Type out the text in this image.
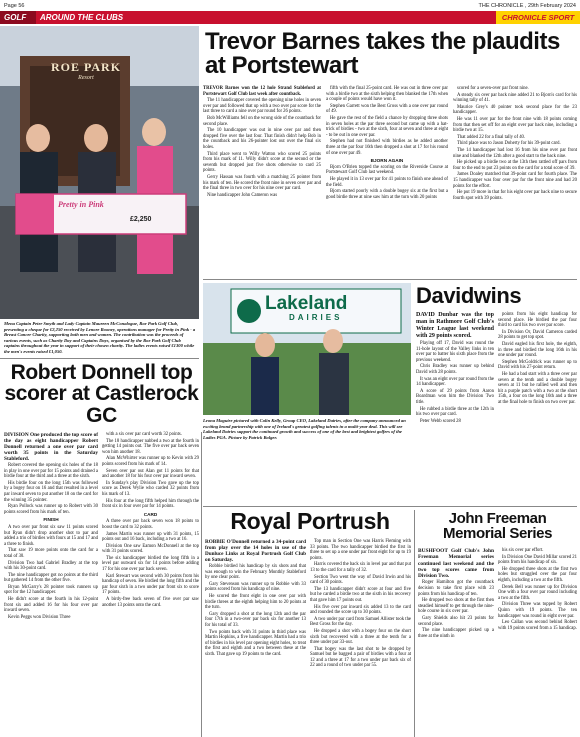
Page 56	THE CHRONICLE , 29th February 2024
GOLF	AROUND THE CLUBS	CHRONICLE SPORT
ROE PARK
Resort
Pretty in Pink
£2,250
Mena Captain Peter Smyth and Lady Captain Maureen McConalogue, Roe Park Golf Club, presenting a cheque for £2,250 received by Lenore Rooney, operations manager for Pretty in Pink - a Breast Cancer Charity, supporting both men and women. The contribution was the proceeds of various events, such as Charity Day and Captains Days, organised by the Roe Park Golf Club captains throughout the year in support of their chosen charity. The ladies events raised £1300 while the men's events raised £1,050.
Trevor Barnes takes the plaudits at Portstewart

TREVOR Barnes won the 12 hole Strand Stableford at Portstewart Golf Club last week after countback.

The 11 handicapper covered the opening nine holes in seven over par and followed that up with a two over par score for the last three to card a nine over par round for 26 points.

Bob McWilliams fell on the wrong side of the countback for second place.

The 10 handicapper was out in nine over par and then dropped five over the last four. That finish didn't help Bob in the countback and his 26-pointer lost out over the final six holes.

Third place went to Willy Watton who scored 25 points from his mark of 11. Willy didn't score at the second or the seventh but dropped just five shots otherwise to card 25 points.

Gerry Hassan was fourth with a matching 25 pointer from his mark of ten. He scored the front nine in seven over par and the final three in two over for his nine over par card.

Nine handicapper John Cameron was

fifth with the final 25-point card. He was out in three over par with a birdie two at the sixth helping then blanked the 17th when a couple of points would have won it.

Stephen Garrett won the Best Gross with a one over par round of 49.

He gave the rest of the field a chance by dropping three shots in seven holes at the par three second but came up with a hat-trick of birdies - two at the sixth, four at seven and three at eight - to be out in one over par.

Stephen had not finished with birdies as he added another three at the par four 16th then dropped a shot at 17 for his round of one over par 49.

BJORN AGAIN

Bjorn O'Brien topped the scoring on the Riverside Course at Portstewart Golf Club last weekend.

He played it in 13 over par for 41 points to finish one ahead of the field.

Bjorn started poorly with a double bogey six at the first but a good birdie three at nine saw him at the turn with 20 points

scored for a seven-over par front nine.

A steady six over par back nine added 21 to Bjorn's card for his winning tally of 41.

Maurice Grey's 40 pointer took second place for the 23 handicapper.

He was 11 over par for the front nine with 18 points coming from that then set off for an eight over par back nine, including a birdie two at 15.

That added 22 for a final tally of 40.

Third place was to Jason Doherty for his 39-point card.

The 14 handicapper had lost 16 from his nine over par front nine and blanked the 12th after a good start to the back nine.

He picked up a birdie two at the 13th then rattled off pars from four to the end to put 23 points on the card for a total score of 39.

James Doaley matched that 39-point card for fourth place. The 15 handicapper was four over par for the front nine and had 20 points for the effort.

He put 19 more in that for his eight over par back nine to secure fourth spot with 39 points.

Lakeland
DAIRIES
Leona Maguire pictured with Colin Kelly, Group CEO, Lakeland Dairies, after the company announced an exciting brand partnership with one of Ireland's greatest golfing talents in a multi-year deal. This will see Lakeland Dairies support the continued growth and success of one of the best and brightest golfers of the Ladies PGA. Picture by Patrick Bolger.
Davidwins

DAVID Dunbar was the top man in Rathmore Golf Club's Winter League last weekend with 29 points scored.

Playing off 17, David was round the 11-hole layout of the Valley links in ten over par to batter his sixth place from the previous weekend.

Chris Bradley was runner up behind David with 28 points.

It was an eight over par round from the 14 handicapper.

A score of 29 points from Aaron Boardman won him the Division Two title.

He rubbed a birdie three at the 12th in his two over par card.

Peter Webb scored 28

points from his eight handicap for second place. He birdied the par four third to card his two over par score.

In Division Or, David Cameron carded 28 points to get top spot.

David eagled his first hole, the eighth, in three and birdied the long 16th in his one under par round.

Stephen McGoldrick was runner up to David with his 27-point return.

He had a bad start with a three over par seven at the tenth and a double bogey seven at 11 but he rallied well and then hit a purple patch with a two at the short 15th, a four on the long 16th and a three at the final hole to finish on two over par.

Robert Donnell top scorer at Castlerock GC

DIVISION One produced the top score of the day as eight handicapper Robert Donnell returned a one over par card worth 35 points in the Saturday Stableford.

Robert covered the opening six holes of the 18 in play in one over par for 15 points and drained a birdie four at the third and a three at the sixth.

His birdie four on the long 15th was followed by a bogey four on 16 and that resulted in a level par inward seven to put another 18 on the card for the winning 35 pointer.

Ryan Pollock was runner up to Robert with 30 points scored from his mark of ten.

FINISH

A two over par front six saw 11 points scored but Ryan didn't drop another shot to par and added a trio of birdies with fours at 15 and 17 and a three to finish.

That saw 19 more points onto the card for a total of 30.

Division Two had Gabriel Bradley at the top with his 30-point card.

The nine handicapper got no points at the third but gathered 14 from the other five.

Bryan McGarry's 28 pointer took runners up spot for the 12 handicapper.

He didn't score at the fourth in his 12-point front six and added 16 for his four over par inward seven.

Kevin Peggs won Division Three

with a six over par card worth 32 points.

The 18 handicapper nabbed a two at the fourth in getting 14 points out. The five over par back seven won him another 18.

Alan McWhirter was runner up to Kevin with 29 points scored from his mark of 14.

Seven over par out Alan got 11 points for that and another 18 for his four over par inward seven.

In Sunday's play Division Two gave up the top score as Derek Wylie who carded 32 points from his mark of 13.

His four at the long fifth helped him through the front six in four over par for 14 points.

CARD

A three over par back seven won 18 points to boost the card to 32 points.

James Martin was runner up with 31 points, 15 points out and 16 back, including a two at 16.

Division One saw Eamon McDonnell at the top with 31 points scored.

The six handicapper birdied the long fifth in a level par outward six for 14 points before adding 17 for his one over par back seven.

Karl Stewart was second with 30 points from his handicap of seven. He birdied the long fifth and the par four sixth in a two under par front six to score 17 points.

A birdy-free back seven of five over par saw another 13 points onto the card.

Royal Portrush

ROBBIE O'Donnell returned a 34-point card from play over the 14 holes in use of the Dunluce Links at Royal Portrush Golf Club on Saturday.

Robbie birdied his handicap by six shots and that was enough to win the February Monthly Stableford by one clear point.

Gary Stevenson was runner up to Robbie with 33 points scored from his handicap of nine.

He scored the front eight in one over par with birdie threes at the eighth helping him to 20 points at the turn.

Gary dropped a shot at the long 12th and the par four 17th in a two-over par back six for another 13 for his total of 33.

Two points back with 31 points in third place was Martin Hopkins, a five handicapper. Martin had a trio of birdies in his level par opening eight holes, to treat the first and eighth and a two between these at the sixth. That gave up 19 points to the card.

Top man in Section One was Harris Fleming with 33 points. The two handicapper birdied the first in three to set up a one under par front eight for up to 19 points.

Harris covered the back six in level par and that put 13 to the card for a tally of 32.

Section Two went the way of David Irwin and his card of 30 points.

The 13 handicapper didn't score at four and five but he carded a birdie two at the sixth in his recovery that gave him 17 points out.

His five over par inward six added 13 to the card and rounded the score up to 30 points.

A two under par card from Samuel Allister took the Best Gross for the day.

He dropped a shot with a bogey four on the short sixth but recovered with a three at the tenth for a three under par 33-out.

That bogey was the last shot to be dropped by Samuel but he bagged a pair of birdies with a four at 12 and a three at 17 for a two under par back six of 22 and a round of two under par 55.

John Freeman Memorial Series

BUSHFOOT Golf Club's John Freeman Memorial series continued last weekend and the two top scores came from Division Two.

Roger Hamilton got the countback decision to take first place with 23 points from his handicap of ten.

He dropped two shots at the first then steadied himself to get through the nine-hole course in six over par.

Gary Shields also hit 23 points for second place.

The nine handicapper picked up a three at the ninth in

his six over par effort.

In Division One David Millar scored 21 points from his handicap of six.

He dropped three shots at the first two holes but struggled over the par four eighth, including a two at the fifth.

Derek Bell was runner up for Division One with a four over par round including a two at the fifth.

Division Three was topped by Robert Quinn with 19 points. The ten handicapper was round in eight over par.

Leo Callan was second behind Robert with 19 points scored from a 15 handicap.
